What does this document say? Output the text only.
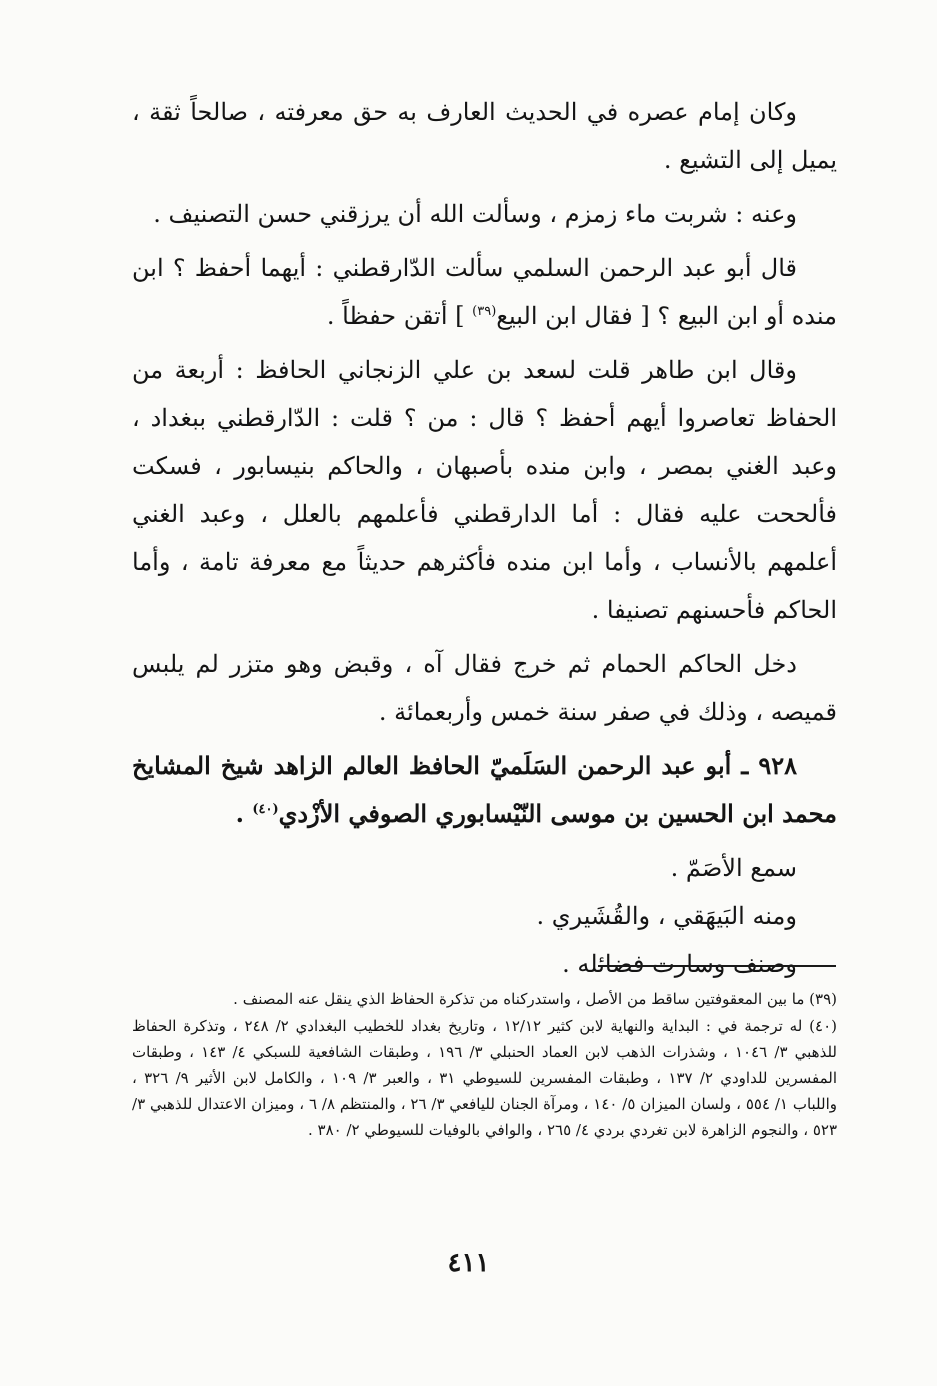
وكان إمام عصره في الحديث العارف به حق معرفته ، صالحاً ثقة ، يميل إلى التشيع .

وعنه : شربت ماء زمزم ، وسألت الله أن يرزقني حسن التصنيف .

قال أبو عبد الرحمن السلمي سألت الدّارقطني : أيهما أحفظ ؟ ابن منده أو ابن البيع ؟ [ فقال ابن البيع$^{(٣٩)}$ ] أتقن حفظاً .

وقال ابن طاهر قلت لسعد بن علي الزنجاني الحافظ : أربعة من الحفاظ تعاصروا أيهم أحفظ ؟ قال : من ؟ قلت : الدّارقطني ببغداد ، وعبد الغني بمصر ، وابن منده بأصبهان ، والحاكم بنيسابور ، فسكت فألححت عليه فقال : أما الدارقطني فأعلمهم بالعلل ، وعبد الغني أعلمهم بالأنساب ، وأما ابن منده فأكثرهم حديثاً مع معرفة تامة ، وأما الحاكم فأحسنهم تصنيفا .

دخل الحاكم الحمام ثم خرج فقال آه ، وقبض وهو متزر لم يلبس قميصه ، وذلك في صفر سنة خمس وأربعمائة .

٩٢٨ ـ أبو عبد الرحمن السَلَميّ الحافظ العالم الزاهد شيخ المشايخ محمد ابن الحسين بن موسى النّيْسابوري الصوفي الأزْدي$^{(٤٠)}$ .

سمع الأصَمّ .

ومنه البَيهَقي ، والقُشَيري .

وصنف وسارت فضائله .

(٣٩) ما بين المعقوفتين ساقط من الأصل ، واستدركناه من تذكرة الحفاظ الذي ينقل عنه المصنف .

(٤٠) له ترجمة في : البداية والنهاية لابن كثير ١٢/١٢ ، وتاريخ بغداد للخطيب البغدادي ٢/ ٢٤٨ ، وتذكرة الحفاظ للذهبي ٣/ ١٠٤٦ ، وشذرات الذهب لابن العماد الحنبلي ٣/ ١٩٦ ، وطبقات الشافعية للسبكي ٤/ ١٤٣ ، وطبقات المفسرين للداودي ٢/ ١٣٧ ، وطبقات المفسرين للسيوطي ٣١ ، والعبر ٣/ ١٠٩ ، والكامل لابن الأثير ٩/ ٣٢٦ ، واللباب ١/ ٥٥٤ ، ولسان الميزان ٥/ ١٤٠ ، ومرآة الجنان لليافعي ٣/ ٢٦ ، والمنتظم ٨/ ٦ ، وميزان الاعتدال للذهبي ٣/ ٥٢٣ ، والنجوم الزاهرة لابن تغردي بردي ٤/ ٢٦٥ ، والوافي بالوفيات للسيوطي ٢/ ٣٨٠ .

٤١١
